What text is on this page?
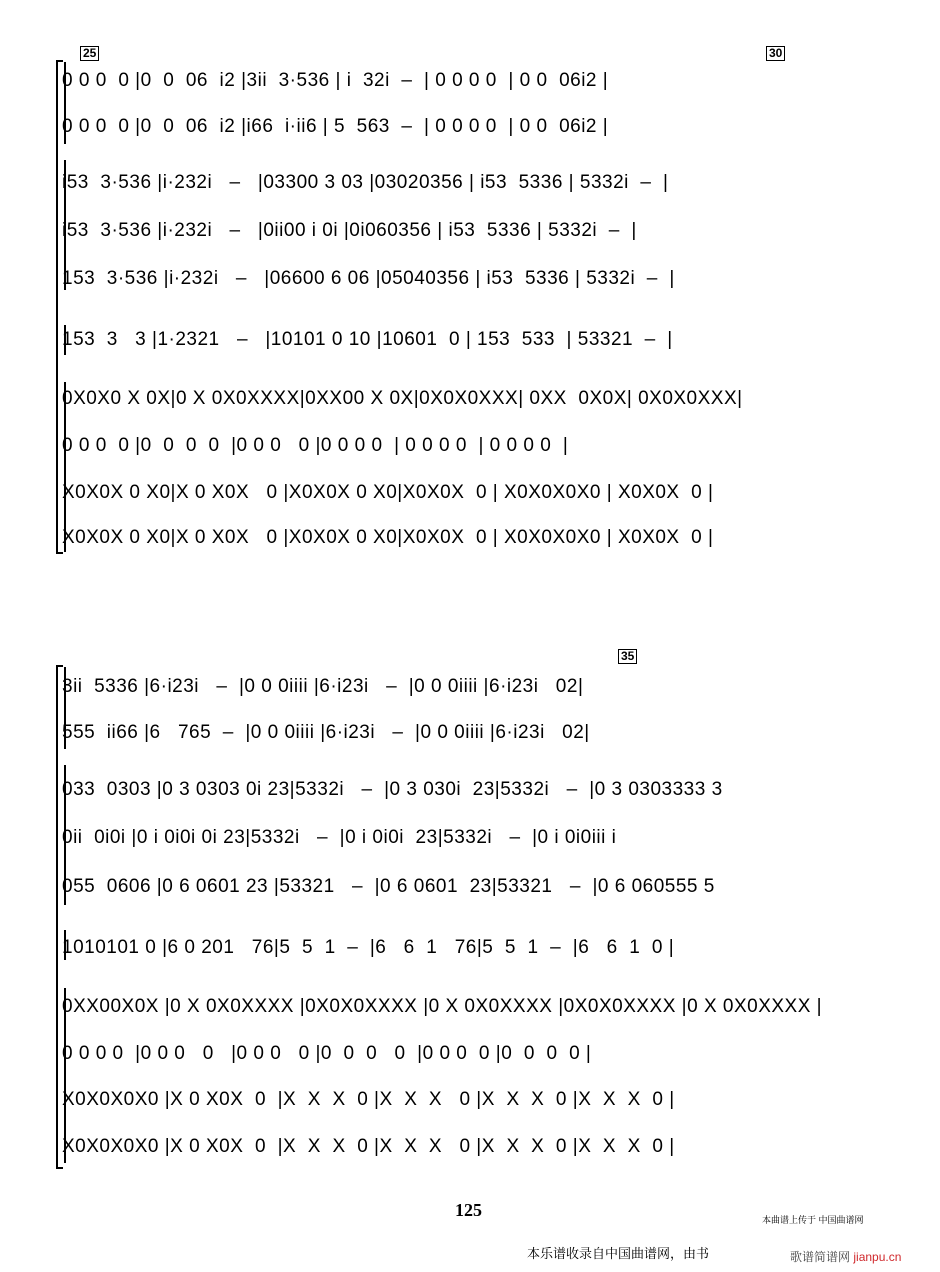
25	30
35
0 0 0  0 |0  0  06  i2 |3ii  3·536 | i  32i  –  | 0 0 0 0  | 0 0  06i2 |
0 0 0  0 |0  0  06  i2 |i66  i·ii6 | 5  563  –  | 0 0 0 0  | 0 0  06i2 |
i53  3·536 |i·232i   –   |03300 3 03 |03020356 | i53  5336 | 5332i  –  |
i53  3·536 |i·232i   –   |0ii00 i 0i |0i060356 | i53  5336 | 5332i  –  |
153  3·536 |i·232i   –   |06600 6 06 |05040356 | i53  5336 | 5332i  –  |
153  3   3 |1·2321   –   |10101 0 10 |10601  0 | 153  533  | 53321  –  |
0X0X0 X 0X|0 X 0X0XXXX|0XX00 X 0X|0X0X0XXX| 0XX  0X0X| 0X0X0XXX|
0 0 0  0 |0  0  0  0  |0 0 0   0 |0 0 0 0  | 0 0 0 0  | 0 0 0 0  |
X0X0X 0 X0|X 0 X0X   0 |X0X0X 0 X0|X0X0X  0 | X0X0X0X0 | X0X0X  0 |
X0X0X 0 X0|X 0 X0X   0 |X0X0X 0 X0|X0X0X  0 | X0X0X0X0 | X0X0X  0 |
3ii  5336 |6·i23i   –  |0 0 0iiii |6·i23i   –  |0 0 0iiii |6·i23i   02|
555  ii66 |6   765  –  |0 0 0iiii |6·i23i   –  |0 0 0iiii |6·i23i   02|
033  0303 |0 3 0303 0i 23|5332i   –  |0 3 030i  23|5332i   –  |0 3 0303333 3
0ii  0i0i |0 i 0i0i 0i 23|5332i   –  |0 i 0i0i  23|5332i   –  |0 i 0i0iii i
055  0606 |0 6 0601 23 |53321   –  |0 6 0601  23|53321   –  |0 6 060555 5
1010101 0 |6 0 201   76|5  5  1  –  |6   6  1   76|5  5  1  –  |6   6  1  0 |
0XX00X0X |0 X 0X0XXXX |0X0X0XXXX |0 X 0X0XXXX |0X0X0XXXX |0 X 0X0XXXX |
0 0 0 0  |0 0 0   0   |0 0 0   0 |0  0  0   0  |0 0 0  0 |0  0  0  0 |
X0X0X0X0 |X 0 X0X  0  |X  X  X  0 |X  X  X   0 |X  X  X  0 |X  X  X  0 |
X0X0X0X0 |X 0 X0X  0  |X  X  X  0 |X  X  X   0 |X  X  X  0 |X  X  X  0 |
125	本曲谱上传于 中国曲谱网
本乐谱收录自中国曲谱网，由书	歌谱简谱网 jianpu.cn
